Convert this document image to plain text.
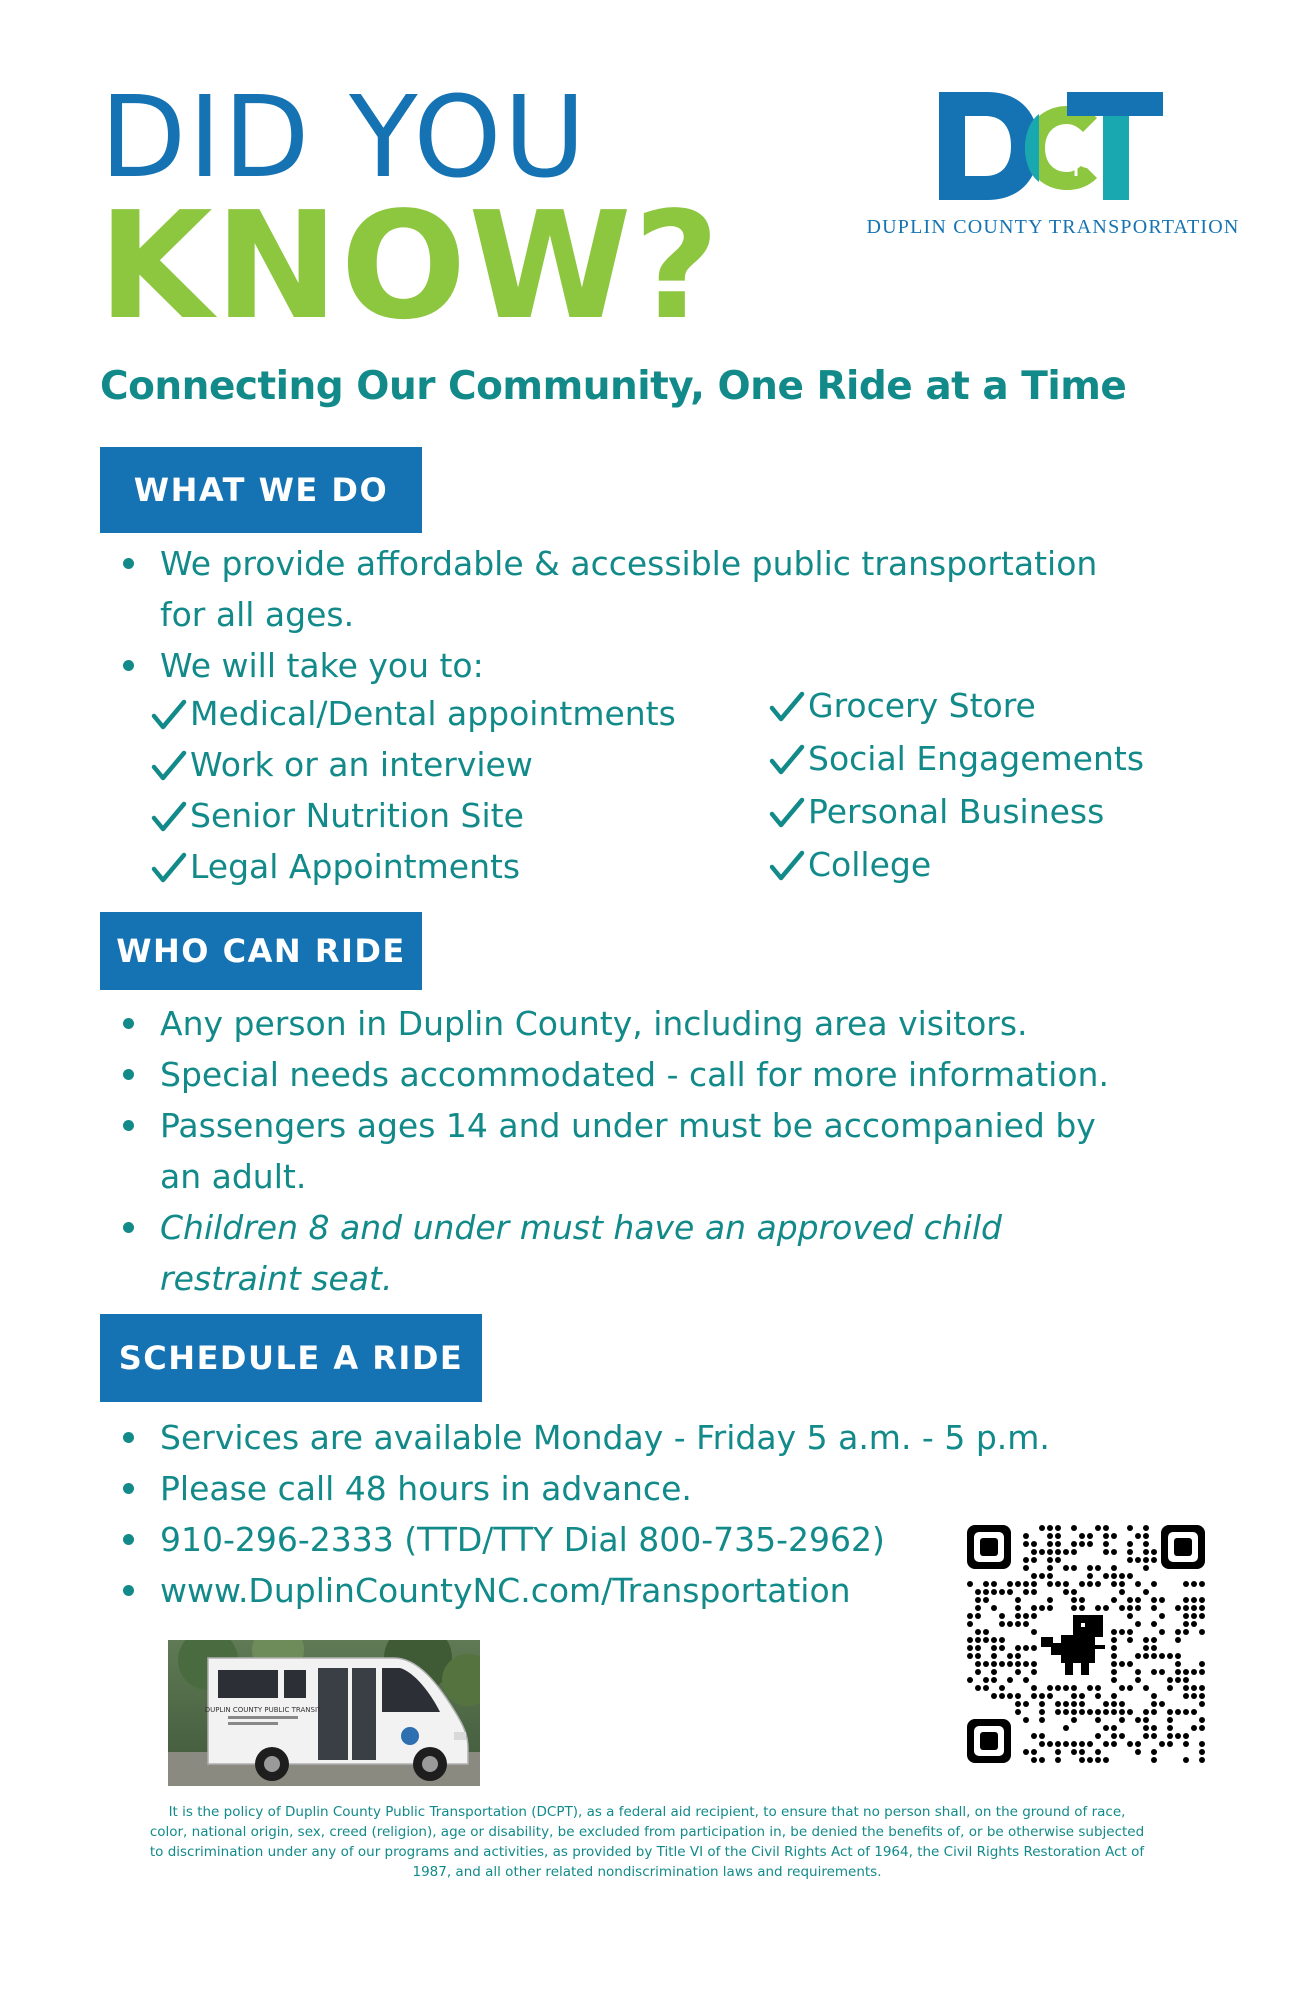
DID YOU
KNOW?	DUPLIN COUNTY TRANSPORTATION
Connecting Our Community, One Ride at a Time
WHAT WE DO
We provide affordable & accessible public transportation
for all ages.
We will take you to:
Medical/Dental appointments
Work or an interview
Senior Nutrition Site
Legal Appointments
Grocery Store
Social Engagements
Personal Business
College
WHO CAN RIDE
Any person in Duplin County, including area visitors.
Special needs accommodated - call for more information.
Passengers ages 14 and under must be accompanied by
an adult.
Children 8 and under must have an approved child
restraint seat.
SCHEDULE A RIDE
Services are available Monday - Friday 5 a.m. - 5 p.m.
Please call 48 hours in advance.
910-296-2333 (TTD/TTY Dial 800-735-2962)
www.DuplinCountyNC.com/Transportation
DUPLIN COUNTY PUBLIC TRANSIT
It is the policy of Duplin County Public Transportation (DCPT), as a federal aid recipient, to ensure that no person shall, on the ground of race,
color, national origin, sex, creed (religion), age or disability, be excluded from participation in, be denied the benefits of, or be otherwise subjected
to discrimination under any of our programs and activities, as provided by Title VI of the Civil Rights Act of 1964, the Civil Rights Restoration Act of
1987, and all other related nondiscrimination laws and requirements.
